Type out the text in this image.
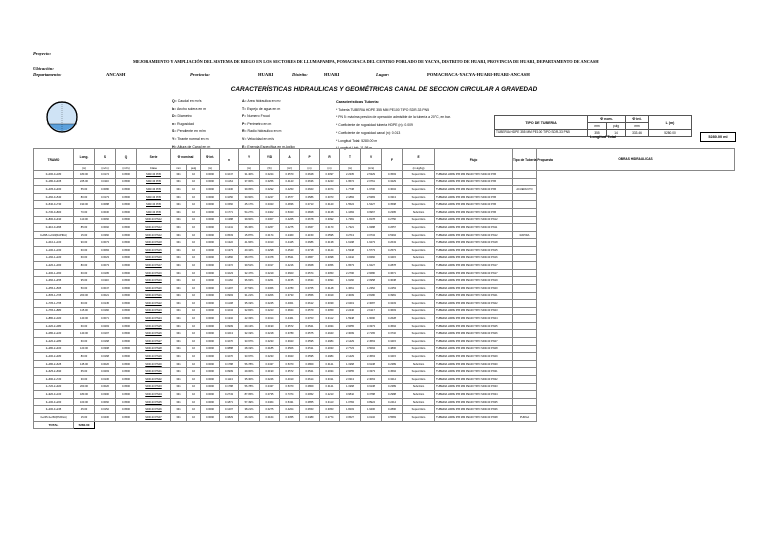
Proyecto:
MEJORAMIENTO Y AMPLIACIÓN DEL SISTEMA DE RIEGO EN LOS SECTORES DE LLUMAPAMPA, POMACHACA DEL CENTRO POBLADO DE YACYA, DISTRITO DE HUARI, PROVINCIA DE HUARI, DEPARTAMENTO DE ANCASH
Ubicación:
Departamento:	ANCASH	Provincia:	HUARI	Distrito:	HUARI	Lugar:	POMACHACA-YACYA-HUARI-HUARI-ANCASH
CARACTERÍSTICAS HIDRAULICAS Y GEOMÉTRICAS CANAL DE SECCION CIRCULAR A GRAVEDAD
Q= Caudal en m³/s
b= Ancho solera en m
D= Diametro
n= Rugosidad
S= Pendiente en m/m
Y= Tirante normal en m
H= Altura de Canal en m
A= Area hidraulica en m²
T= Espejo de agua en m
F= Numero Froud
P= Perimetro en m
R= Radio hidraulico en m
V= Velocidad en m/s
E= Energia Especifica en m-kg/kg
Caracteristicas Tuberia:
* Tuberia TUBERIA HDPE 355 MM PE100 TIPO SDR-33 PN5
* PN 5: máxima presión de operación admisible de la tubería a 20°C, en bar.
* Coeficiente de rugosidad tuberia HDPE (n): 0.009
* Coeficiente de rugosidad canal (n): 0.013
* Longitud Total: 5280.00 m
* Longitud Unit: 11.98 m
TIPO DE TUBERIA	Φ nom.		Φ int.	L (m)
	mm	pulg	mm	
TUBERIA HDPE 355 MM PE100 TIPO SDR-33 PN5	355	14	333.46	5280.00
Longitud Total	5280.00 ml
TRAMO	Long.	S	Q	Serie	Φ nominal		Φ int.	n	Y	Y/D	A	P	R	T	V	F	E	Flujo	Tipo de Tuberia Propuesta	OBRAS HIDRAULICAS
	(m)	(m/m)	(m³/s)	Clase	mm	pulg	(m)		(m)	(%)	(m²)	(m)	(m)	(m)	(m/s)		(m-kg/kg)			
0+000-0+180	180.00	0.0174	0.0500	SDR-33 PN5	331	16	0.0090	0.1047	31.40%	0.0224	0.3570	0.0628	0.3097	2.2335	2.5329	0.3593	Supercritico	TUBERIA HDPE 355 MM PE100 TIPO SDR-33 PN5		
0+180-0+405	225.00	0.0116	0.0500	SDR-33 PN5	331	16	0.0090	0.1164	37.00%	0.0256	0.4123	0.0636	0.3243	1.9574	2.0761	0.3229	Supercritico	TUBERIA HDPE 355 MM PE100 TIPO SDR-33 PN5		
0+405-0+460	55.00	0.0080	0.0500	SDR-33 PN5	331	16	0.0090	0.1330	39.05%	0.0292	0.4253	0.0663	0.3074	1.7738	1.9700	0.3004	Supercritico	TUBERIA HDPE 355 MM PE100 TIPO SDR-33 PN5	ACUEDUCTO	
0+460-0+540	80.00	0.0173	0.0500	SDR-33 PN5	331	16	0.0090	0.1050	30.60%	0.0227	0.3577	0.0586	0.3073	2.1884	2.5383	0.3313	Supercritico	TUBERIA HDPE 355 MM PE100 TIPO SDR-33 PN5		
0+540-0+730	190.00	0.0088	0.0500	SDR-33 PN5	331	16	0.0090	0.1560	45.17%	0.0323	0.4836	0.0713	0.3120	1.5524	1.5427	0.3598	Supercritico	TUBERIA HDPE 355 MM PE100 TIPO SDR-33 PN5		
0+730-0+800	70.00	0.0030	0.0500	SDR-33 PN5	331	16	0.0090	0.1771	54.27%	0.0402	0.5320	0.0828	0.3138	1.1684	0.9967	0.2395	Subcritico	TUBERIA HDPE 355 MM PE100 TIPO SDR-33 PN5		
0+800-0+910	110.00	0.0066	0.0500	SDR-33 PN12	331	16	0.0090	0.1388	39.60%	0.0307	0.4265	0.0678	0.3092	1.7381	1.8178	0.2750	Supercritico	TUBERIA HDPE 355 MM PE100 TIPO SDR-33 PN12		
0+910-0+995	85.00	0.0092	0.0500	SDR-33 PN12	331	16	0.0090	0.1241	36.36%	0.0267	0.4275	0.0667	0.3170	1.7321	1.9388	0.2657	Supercritico	TUBERIA HDPE 355 MM PE100 TIPO SDR-33 PN11		
0+995-1+010(RAPIDA)	15.00	0.0360	0.0500	SDR-33 PN12	331	16	0.0090	0.0533	15.87%	0.0174	0.2460	0.2150	0.0595	0.2713	3.0734	0.5394	Supercritico	TUBERIA HDPE 355 MM PE100 TIPO SDR-33 PN12	RAPIDA	
1+010-1+100	90.00	0.0073	0.0500	SDR-33 PN18	331	16	0.0090	0.1322	41.66%	0.0310	0.4445	0.0686	0.3138	1.6198	1.6273	0.2643	Supercritico	TUBERIA HDPE 355 MM PE100 TIPO SDR-33 PN18		
1+100-1+160	60.00	0.0084	0.0500	SDR-33 PN15	331	16	0.0090	0.1373	40.34%	0.0298	0.4540	0.0718	0.3124	1.5348	1.5773	0.2573	Supercritico	TUBERIA HDPE 355 MM PE100 TIPO SDR-33 PN15		
1+160-1+220	60.00	0.0023	0.0500	SDR-33 PN16	331	16	0.0090	0.1860	38.07%	0.0478	0.5521	0.0867	0.3098	1.0442	0.8460	0.3415	Subcritico	TUBERIA HDPE 355 MM PE100 TIPO SDR-33 PN16		
1+220-1+300	80.00	0.0073	0.0500	SDR-33 PN17	331	16	0.0090	0.1372	39.51%	0.0317	0.4216	0.0668	0.3056	1.6573	1.6227	0.2878	Supercritico	TUBERIA HDPE 355 MM PE100 TIPO SDR-33 PN17		
1+300-1+360	60.00	0.0195	0.0500	SDR-33 PN16	331	16	0.0090	0.1023	32.47%	0.0219	0.3603	0.0574	0.3053	2.2796	2.6680	0.3671	Supercritico	TUBERIA HDPE 355 MM PE100 TIPO SDR-33 PN17		
1+360-1+455	95.00	0.0116	0.0500	SDR-33 PN19	331	16	0.0090	0.1160	36.63%	0.0261	0.4155	0.0634	0.3094	1.9160	2.0958	0.3038	Supercritico	TUBERIA HDPE 355 MM PE100 TIPO SDR-33 PN19		
1+455-1+505	50.00	0.0047	0.0500	SDR-33 PN20	331	16	0.0090	0.1497	47.53%	0.0366	0.4780	0.0765	0.3148	1.3661	1.2352	0.2453	Supercritico	TUBERIA HDPE 355 MM PE100 TIPO SDR-33 PN20		
1+505-1+705	200.00	0.0021	0.0500	SDR-33 PN21	331	16	0.0090	0.0993	31.21%	0.0206	0.3733	0.0556	0.3019	2.4009	2.8180	0.3981	Supercritico	TUBERIA HDPE 355 MM PE100 TIPO SDR-33 PN21		
1+705-1+765	60.00	0.0145	0.0500	SDR-33 PN22	331	16	0.0090	0.1108	35.19%	0.0245	0.4001	0.0612	0.3039	2.0419	2.3087	0.3233	Supercritico	TUBERIA HDPE 355 MM PE100 TIPO SDR-33 PN22		
1+765-1+880	115.00	0.0182	0.0500	SDR-33 PN23	331	16	0.0090	0.1034	32.84%	0.0223	0.3844	0.0579	0.3059	2.2446	2.6117	0.3603	Supercritico	TUBERIA HDPE 355 MM PE100 TIPO SDR-33 PN23		
1+880-2+020	140.00	0.0071	0.0500	SDR-33 PN24	331	16	0.0090	0.1332	42.33%	0.0314	0.4461	0.0703	0.3112	1.5948	1.6090	0.2628	Supercritico	TUBERIA HDPE 355 MM PE100 TIPO SDR-33 PN24		
2+020-2+080	60.00	0.0293	0.0500	SDR-33 PN25	331	16	0.0090	0.0909	29.13%	0.0190	0.3572	0.0521	0.2934	2.6655	3.3373	0.4594	Supercritico	TUBERIA HDPE 355 MM PE100 TIPO SDR-33 PN25		
2+080-2+220	140.00	0.0197	0.0500	SDR-33 PN26	331	16	0.0090	0.1013	32.19%	0.0218	0.3789	0.0575	0.2943	2.3099	2.7165	0.3732	Supercritico	TUBERIA HDPE 355 MM PE100 TIPO SDR-33 PN26		
2+220-2+280	60.00	0.0168	0.0500	SDR-33 PN27	331	16	0.0090	0.1070	33.97%	0.0233	0.3923	0.0595	0.2984	2.1429	2.4563	0.3415	Supercritico	TUBERIA HDPE 355 MM PE100 TIPO SDR-33 PN27		
2+280-2+400	120.00	0.0308	0.0500	SDR-33 PN28	331	16	0.0090	0.0888	28.19%	0.0185	0.3506	0.0511	0.2933	2.7723	3.5094	0.4806	Supercritico	TUBERIA HDPE 355 MM PE100 TIPO SDR-33 PN28		
2+400-2+480	80.00	0.0168	0.0500	SDR-33 PN29	331	16	0.0090	0.1070	33.97%	0.0233	0.3923	0.0595	0.2984	2.1429	2.4563	0.3415	Supercritico	TUBERIA HDPE 355 MM PE100 TIPO SDR-33 PN29		
2+480-2+625	145.00	0.0026	0.0500	SDR-33 PN30	331	16	0.0090	0.1788	56.78%	0.0437	0.5370	0.0809	0.3121	1.1968	0.9138	0.2389	Subcritico	TUBERIA HDPE 355 MM PE100 TIPO SDR-33 PN30		
2+625-2+690	65.00	0.0293	0.0500	SDR-33 PN31	331	16	0.0090	0.0909	29.00%	0.0190	0.3572	0.0521	0.2934	2.6655	3.3373	0.4594	Supercritico	TUBERIA HDPE 355 MM PE100 TIPO SDR-33 PN31		
2+690-2+720	30.00	0.0136	0.0500	SDR-33 PN32	331	16	0.0090	0.1113	35.30%	0.0246	0.4010	0.0614	0.3011	2.0313	2.3063	0.3214	Supercritico	TUBERIA HDPE 355 MM PE100 TIPO SDR-33 PN32		
2+720-2+920	200.00	0.0026	0.0500	SDR-33 PN33	331	16	0.0090	0.1788	56.78%	0.0437	0.5370	0.0809	0.3121	1.1968	0.9138	0.2389	Subcritico	TUBERIA HDPE 355 MM PE100 TIPO SDR-33 PN33		
2+920-3+100	180.00	0.0300	0.0500	SDR-33 PN34	331	16	0.0090	0.2743	87.05%	0.0735	0.7374	0.0952	0.2213	0.6842	0.3788	0.2988	Subcritico	TUBERIA HDPE 355 MM PE100 TIPO SDR-33 PN34		
3+100-3+200	100.00	0.0060	0.0500	SDR-33 PN35	331	16	0.0090	0.1871	57.49%	0.0464	0.5431	0.0855	0.3113	1.0784	0.8924	0.2414	Subcritico	TUBERIA HDPE 355 MM PE100 TIPO SDR-33 PN35		
3+200-3+245	45.00	0.0152	0.0500	SDR-33 PN36	331	16	0.0090	0.1207	38.21%	0.0275	0.4204	0.0653	0.3053	1.8203	1.9406	0.2896	Supercritico	TUBERIA HDPE 355 MM PE100 TIPO SDR-33 PN36		
3+245-3+260(PURGA)	15.00	0.0430	0.0500	SDR-33 PN37	331	16	0.0090	0.0829	26.31%	0.0164	0.3355	0.0489	0.2774	3.0527	4.0132	0.5583	Supercritico	TUBERIA HDPE 355 MM PE100 TIPO SDR-33 PN38	PURGA	
TOTAL	5280.00																			
